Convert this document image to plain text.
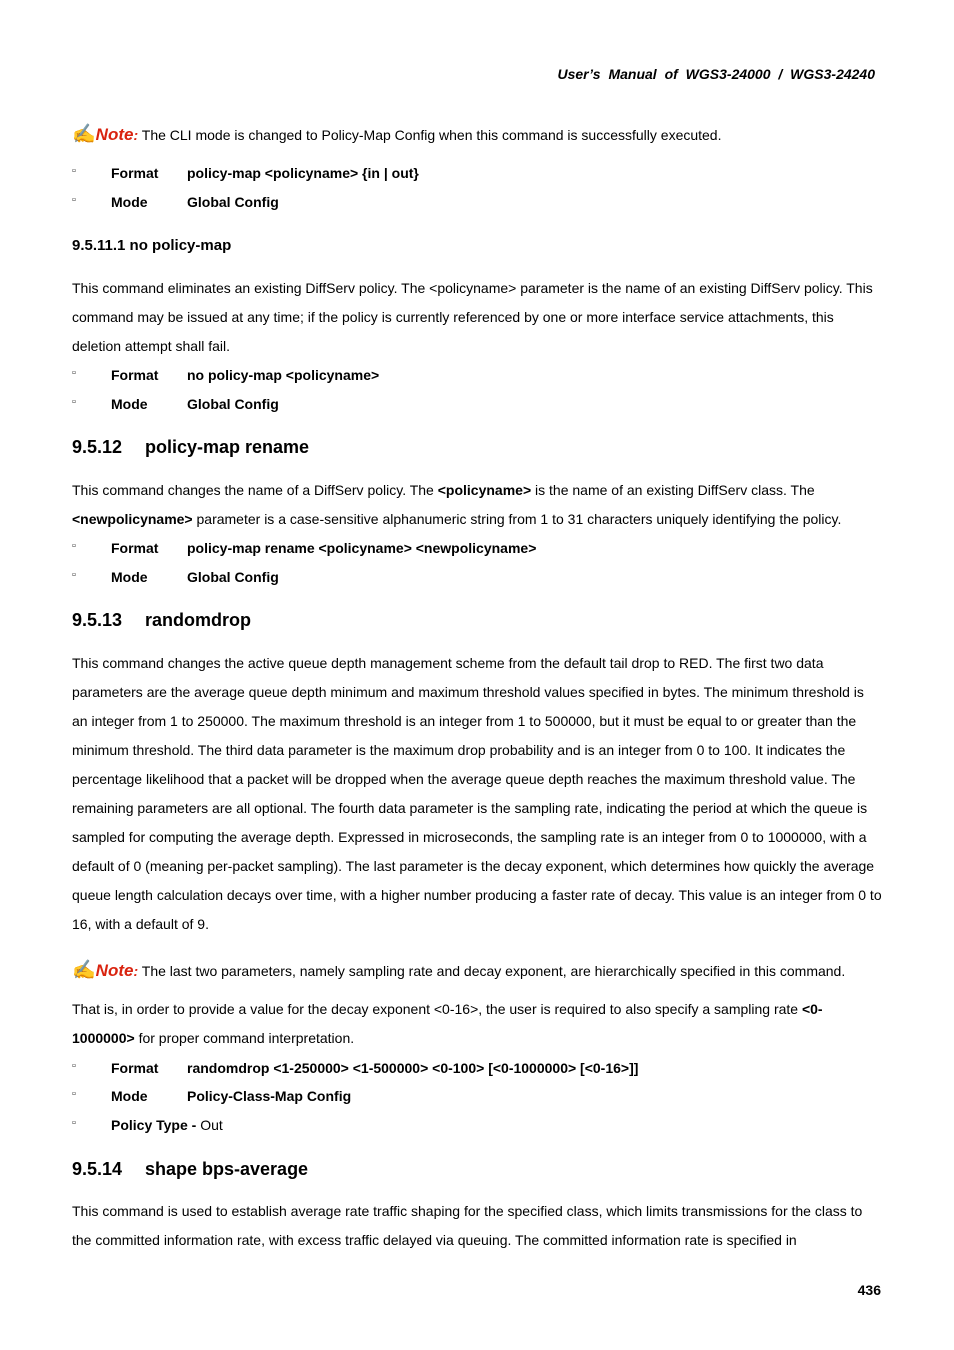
User’s Manual of WGS3-24000 / WGS3-24240
✍Note: The CLI mode is changed to Policy-Map Config when this command is successfully executed.
▫	Format policy-map <policyname> {in | out}
▫	Mode	Global Config
9.5.11.1 no policy-map
This command eliminates an existing DiffServ policy. The <policyname> parameter is the name of an existing DiffServ policy. This command may be issued at any time; if the policy is currently referenced by one or more interface service attachments, this deletion attempt shall fail.
▫	Format no policy-map <policyname>
▫	Mode	Global Config
9.5.12 policy-map rename
This command changes the name of a DiffServ policy. The <policyname> is the name of an existing DiffServ class. The <newpolicyname> parameter is a case-sensitive alphanumeric string from 1 to 31 characters uniquely identifying the policy.
▫	Format policy-map rename <policyname> <newpolicyname>
▫	Mode	Global Config
9.5.13 randomdrop
This command changes the active queue depth management scheme from the default tail drop to RED. The first two data parameters are the average queue depth minimum and maximum threshold values specified in bytes. The minimum threshold is an integer from 1 to 250000. The maximum threshold is an integer from 1 to 500000, but it must be equal to or greater than the minimum threshold. The third data parameter is the maximum drop probability and is an integer from 0 to 100. It indicates the percentage likelihood that a packet will be dropped when the average queue depth reaches the maximum threshold value. The remaining parameters are all optional. The fourth data parameter is the sampling rate, indicating the period at which the queue is sampled for computing the average depth. Expressed in microseconds, the sampling rate is an integer from 0 to 1000000, with a default of 0 (meaning per-packet sampling). The last parameter is the decay exponent, which determines how quickly the average queue length calculation decays over time, with a higher number producing a faster rate of decay. This value is an integer from 0 to 16, with a default of 9.
✍Note: The last two parameters, namely sampling rate and decay exponent, are hierarchically specified in this command.
That is, in order to provide a value for the decay exponent <0-16>, the user is required to also specify a sampling rate <0-1000000> for proper command interpretation.
▫	Format randomdrop <1-250000> <1-500000> <0-100> [<0-1000000> [<0-16>]]
▫	Mode	Policy-Class-Map Config
▫	Policy Type - Out
9.5.14 shape bps-average
This command is used to establish average rate traffic shaping for the specified class, which limits transmissions for the class to the committed information rate, with excess traffic delayed via queuing. The committed information rate is specified in
436
